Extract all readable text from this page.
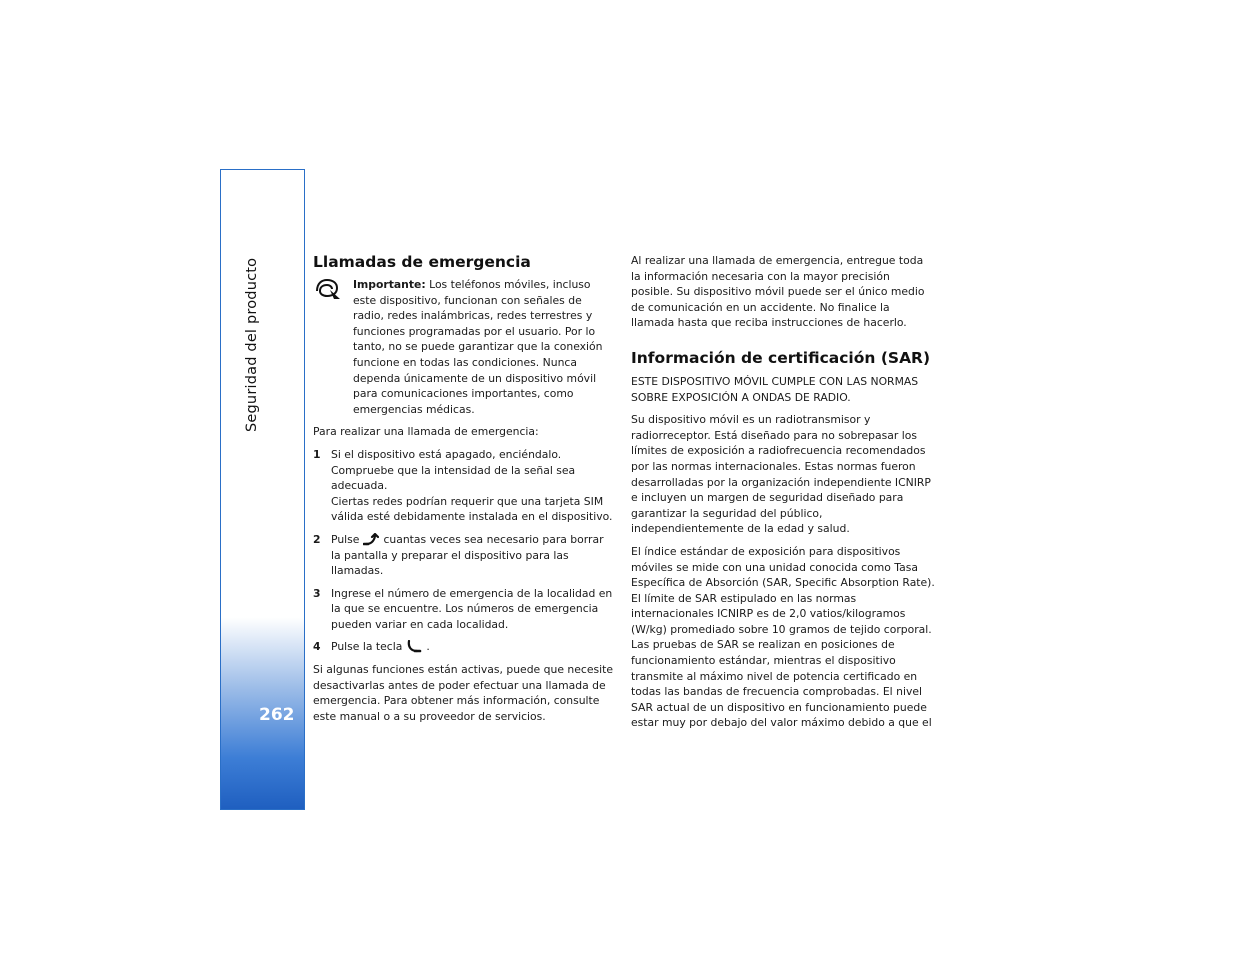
Seguridad del producto
262
Llamadas de emergencia

Importante: Los teléfonos móviles, incluso este dispositivo, funcionan con señales de radio, redes inalámbricas, redes terrestres y funciones programadas por el usuario. Por lo tanto, no se puede garantizar que la conexión funcione en todas las condiciones. Nunca dependa únicamente de un dispositivo móvil para comunicaciones importantes, como emergencias médicas.

Para realizar una llamada de emergencia:

1 Si el dispositivo está apagado, enciéndalo. Compruebe que la intensidad de la señal sea adecuada.

Ciertas redes podrían requerir que una tarjeta SIM válida esté debidamente instalada en el dispositivo.

2 Pulse cuantas veces sea necesario para borrar la pantalla y preparar el dispositivo para las llamadas.

3 Ingrese el número de emergencia de la localidad en la que se encuentre. Los números de emergencia pueden variar en cada localidad.

4 Pulse la tecla .

Si algunas funciones están activas, puede que necesite desactivarlas antes de poder efectuar una llamada de emergencia. Para obtener más información, consulte este manual o a su proveedor de servicios.

Al realizar una llamada de emergencia, entregue toda la información necesaria con la mayor precisión posible. Su dispositivo móvil puede ser el único medio de comunicación en un accidente. No finalice la llamada hasta que reciba instrucciones de hacerlo.

Información de certificación (SAR)

ESTE DISPOSITIVO MÓVIL CUMPLE CON LAS NORMAS SOBRE EXPOSICIÓN A ONDAS DE RADIO.

Su dispositivo móvil es un radiotransmisor y radiorreceptor. Está diseñado para no sobrepasar los límites de exposición a radiofrecuencia recomendados por las normas internacionales. Estas normas fueron desarrolladas por la organización independiente ICNIRP e incluyen un margen de seguridad diseñado para garantizar la seguridad del público, independientemente de la edad y salud.

El índice estándar de exposición para dispositivos móviles se mide con una unidad conocida como Tasa Específica de Absorción (SAR, Specific Absorption Rate). El límite de SAR estipulado en las normas internacionales ICNIRP es de 2,0 vatios/kilogramos (W/kg) promediado sobre 10 gramos de tejido corporal. Las pruebas de SAR se realizan en posiciones de funcionamiento estándar, mientras el dispositivo transmite al máximo nivel de potencia certificado en todas las bandas de frecuencia comprobadas. El nivel SAR actual de un dispositivo en funcionamiento puede estar muy por debajo del valor máximo debido a que el
